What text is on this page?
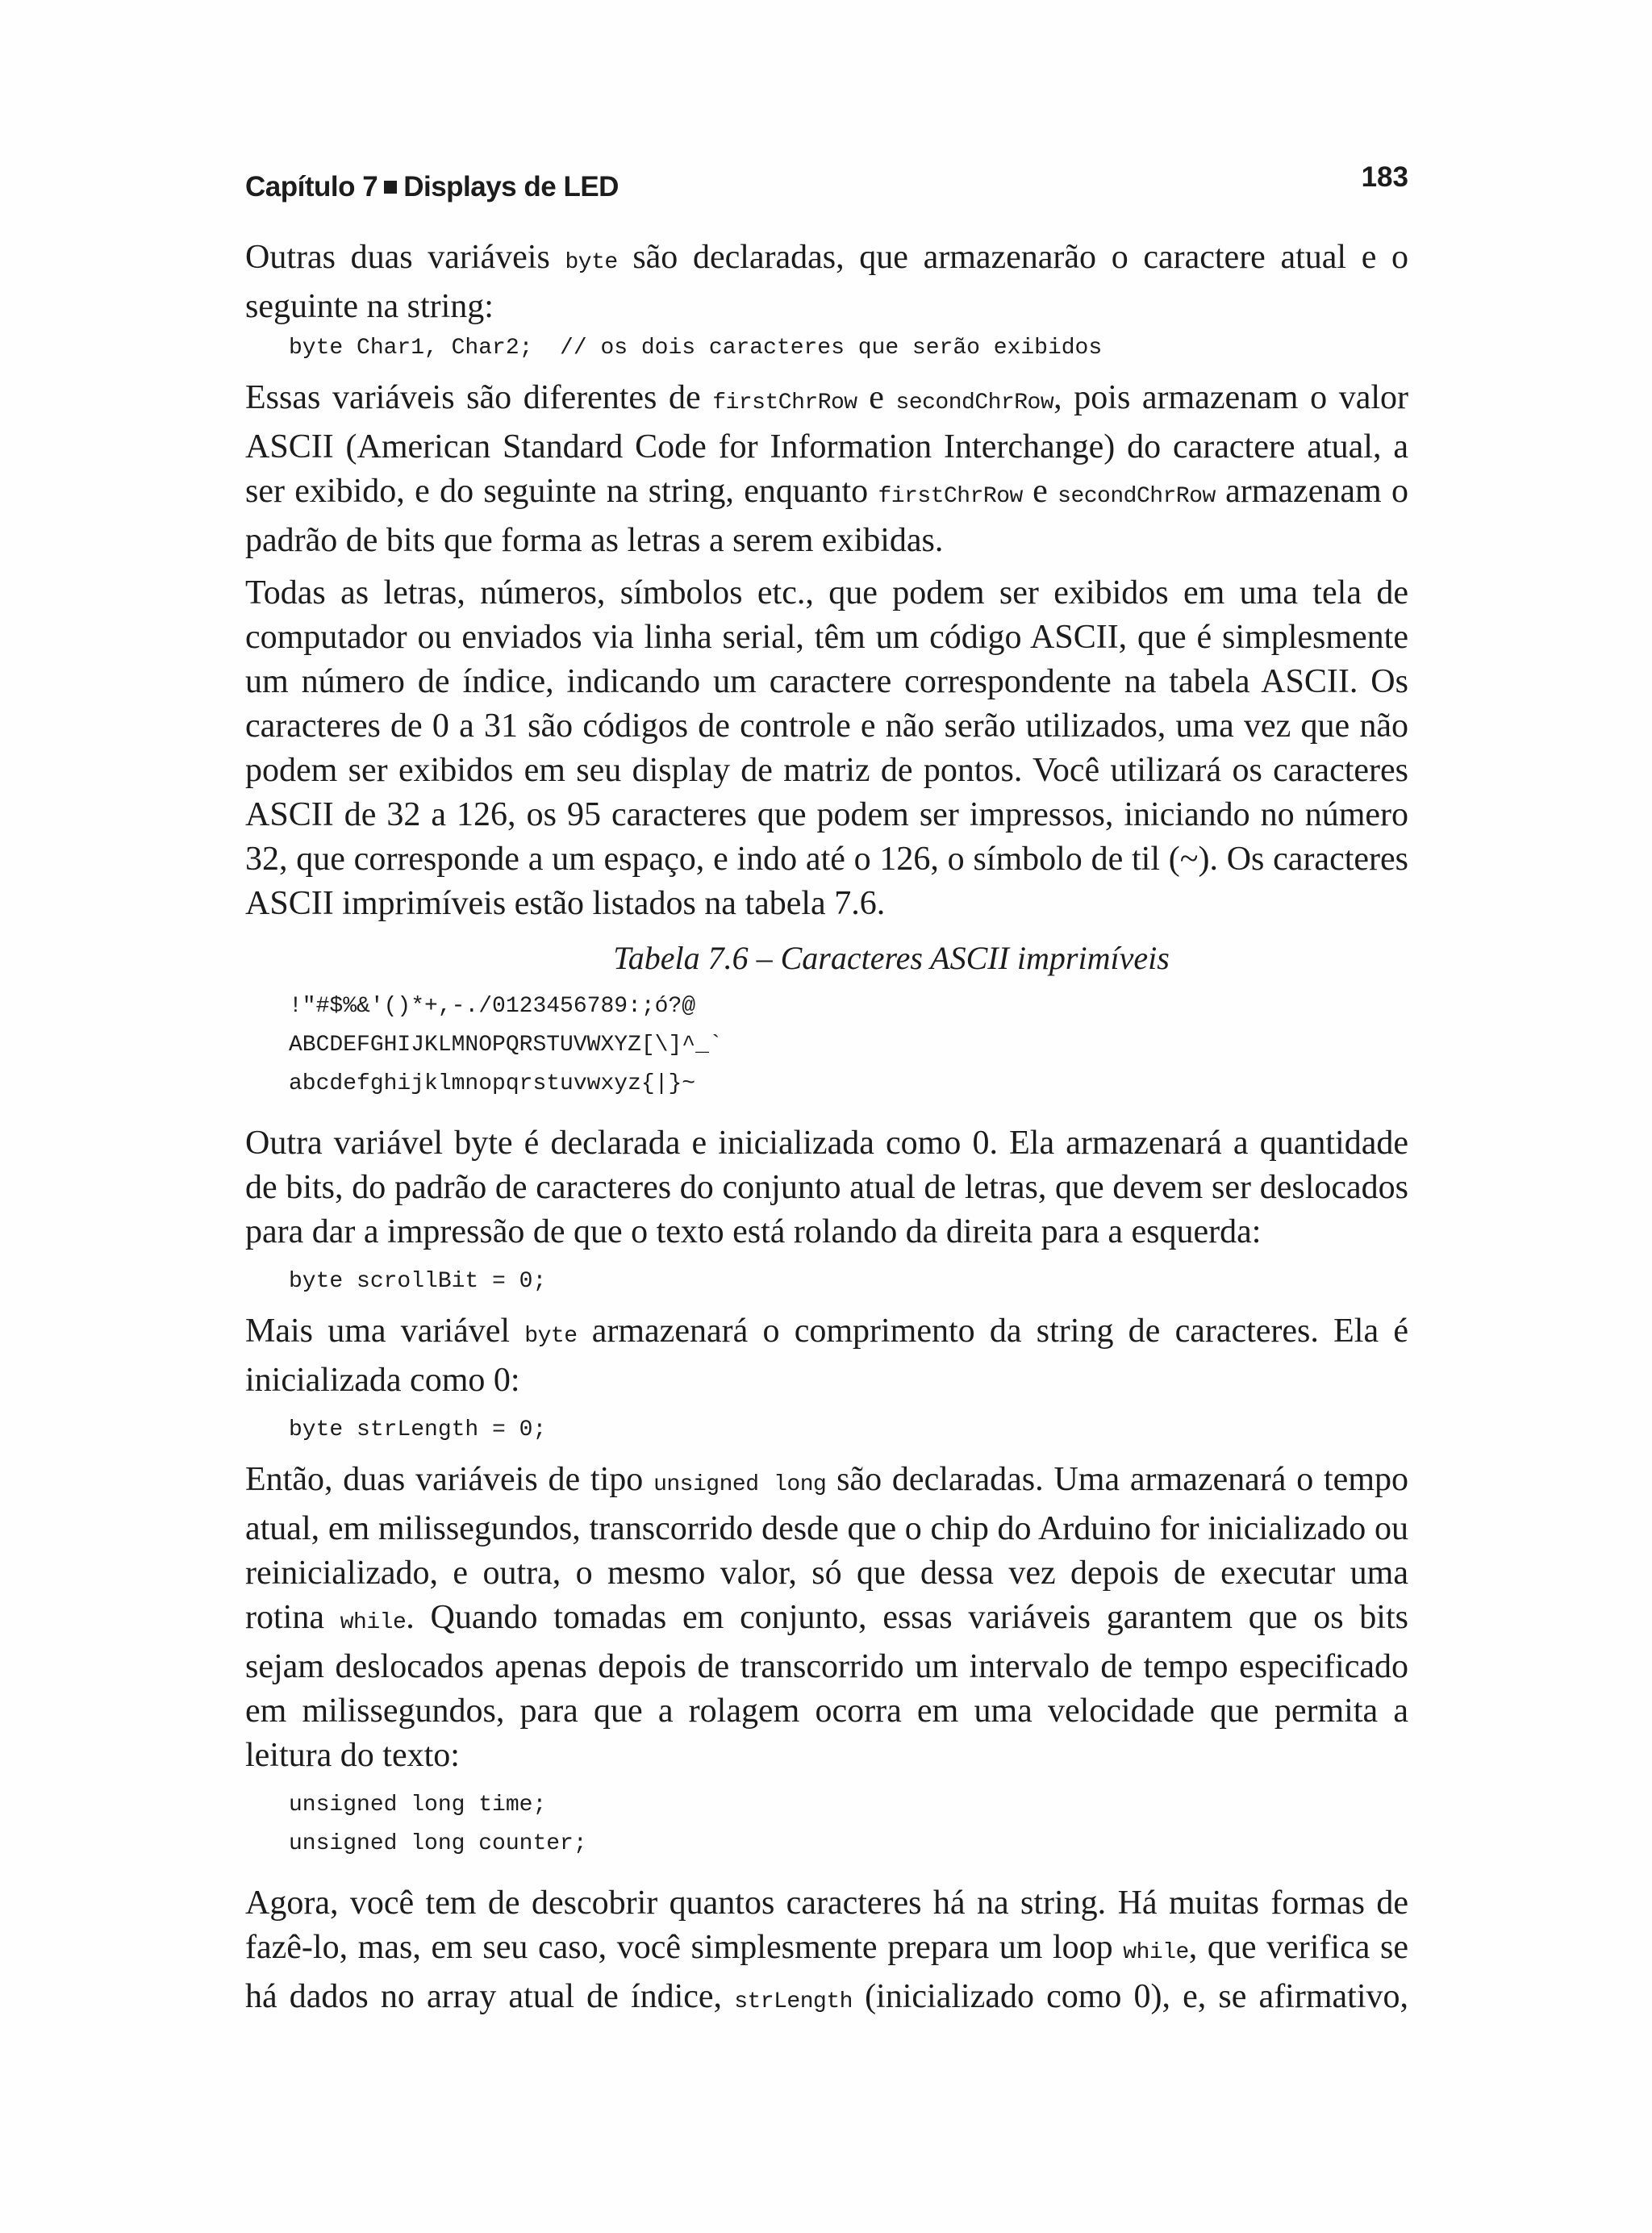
Capítulo 7 Displays de LED	183

Outras duas variáveis byte são declaradas, que armazenarão o caractere atual e o seguinte na string:

byte Char1, Char2;  // os dois caracteres que serão exibidos

Essas variáveis são diferentes de firstChrRow e secondChrRow, pois armazenam o valor ASCII (American Standard Code for Information Interchange) do caractere atual, a ser exibido, e do seguinte na string, enquanto firstChrRow e secondChrRow armazenam o padrão de bits que forma as letras a serem exibidas.

Todas as letras, números, símbolos etc., que podem ser exibidos em uma tela de computador ou enviados via linha serial, têm um código ASCII, que é simplesmente um número de índice, indicando um caractere correspondente na tabela ASCII. Os caracteres de 0 a 31 são códigos de controle e não serão utilizados, uma vez que não podem ser exibidos em seu display de matriz de pontos. Você utilizará os caracteres ASCII de 32 a 126, os 95 caracteres que podem ser impressos, iniciando no número 32, que corresponde a um espaço, e indo até o 126, o símbolo de til (~). Os caracteres ASCII imprimíveis estão listados na tabela 7.6.

Tabela 7.6 – Caracteres ASCII imprimíveis
!"#$%&'()*+,-./0123456789:;ó?@
ABCDEFGHIJKLMNOPQRSTUVWXYZ[\]^_`
abcdefghijklmnopqrstuvwxyz{|}~

Outra variável byte é declarada e inicializada como 0. Ela armazenará a quantidade de bits, do padrão de caracteres do conjunto atual de letras, que devem ser deslocados para dar a impressão de que o texto está rolando da direita para a esquerda:

byte scrollBit = 0;

Mais uma variável byte armazenará o comprimento da string de caracteres. Ela é inicializada como 0:

byte strLength = 0;

Então, duas variáveis de tipo unsigned long são declaradas. Uma armazenará o tempo atual, em milissegundos, transcorrido desde que o chip do Arduino for inicializado ou reinicializado, e outra, o mesmo valor, só que dessa vez depois de executar uma rotina while. Quando tomadas em conjunto, essas variáveis garantem que os bits sejam deslocados apenas depois de transcorrido um intervalo de tempo especificado em milissegundos, para que a rolagem ocorra em uma velocidade que permita a leitura do texto:

unsigned long time;
unsigned long counter;

Agora, você tem de descobrir quantos caracteres há na string. Há muitas formas de fazê-lo, mas, em seu caso, você simplesmente prepara um loop while, que verifica se há dados no array atual de índice, strLength (inicializado como 0), e, se afirmativo,
